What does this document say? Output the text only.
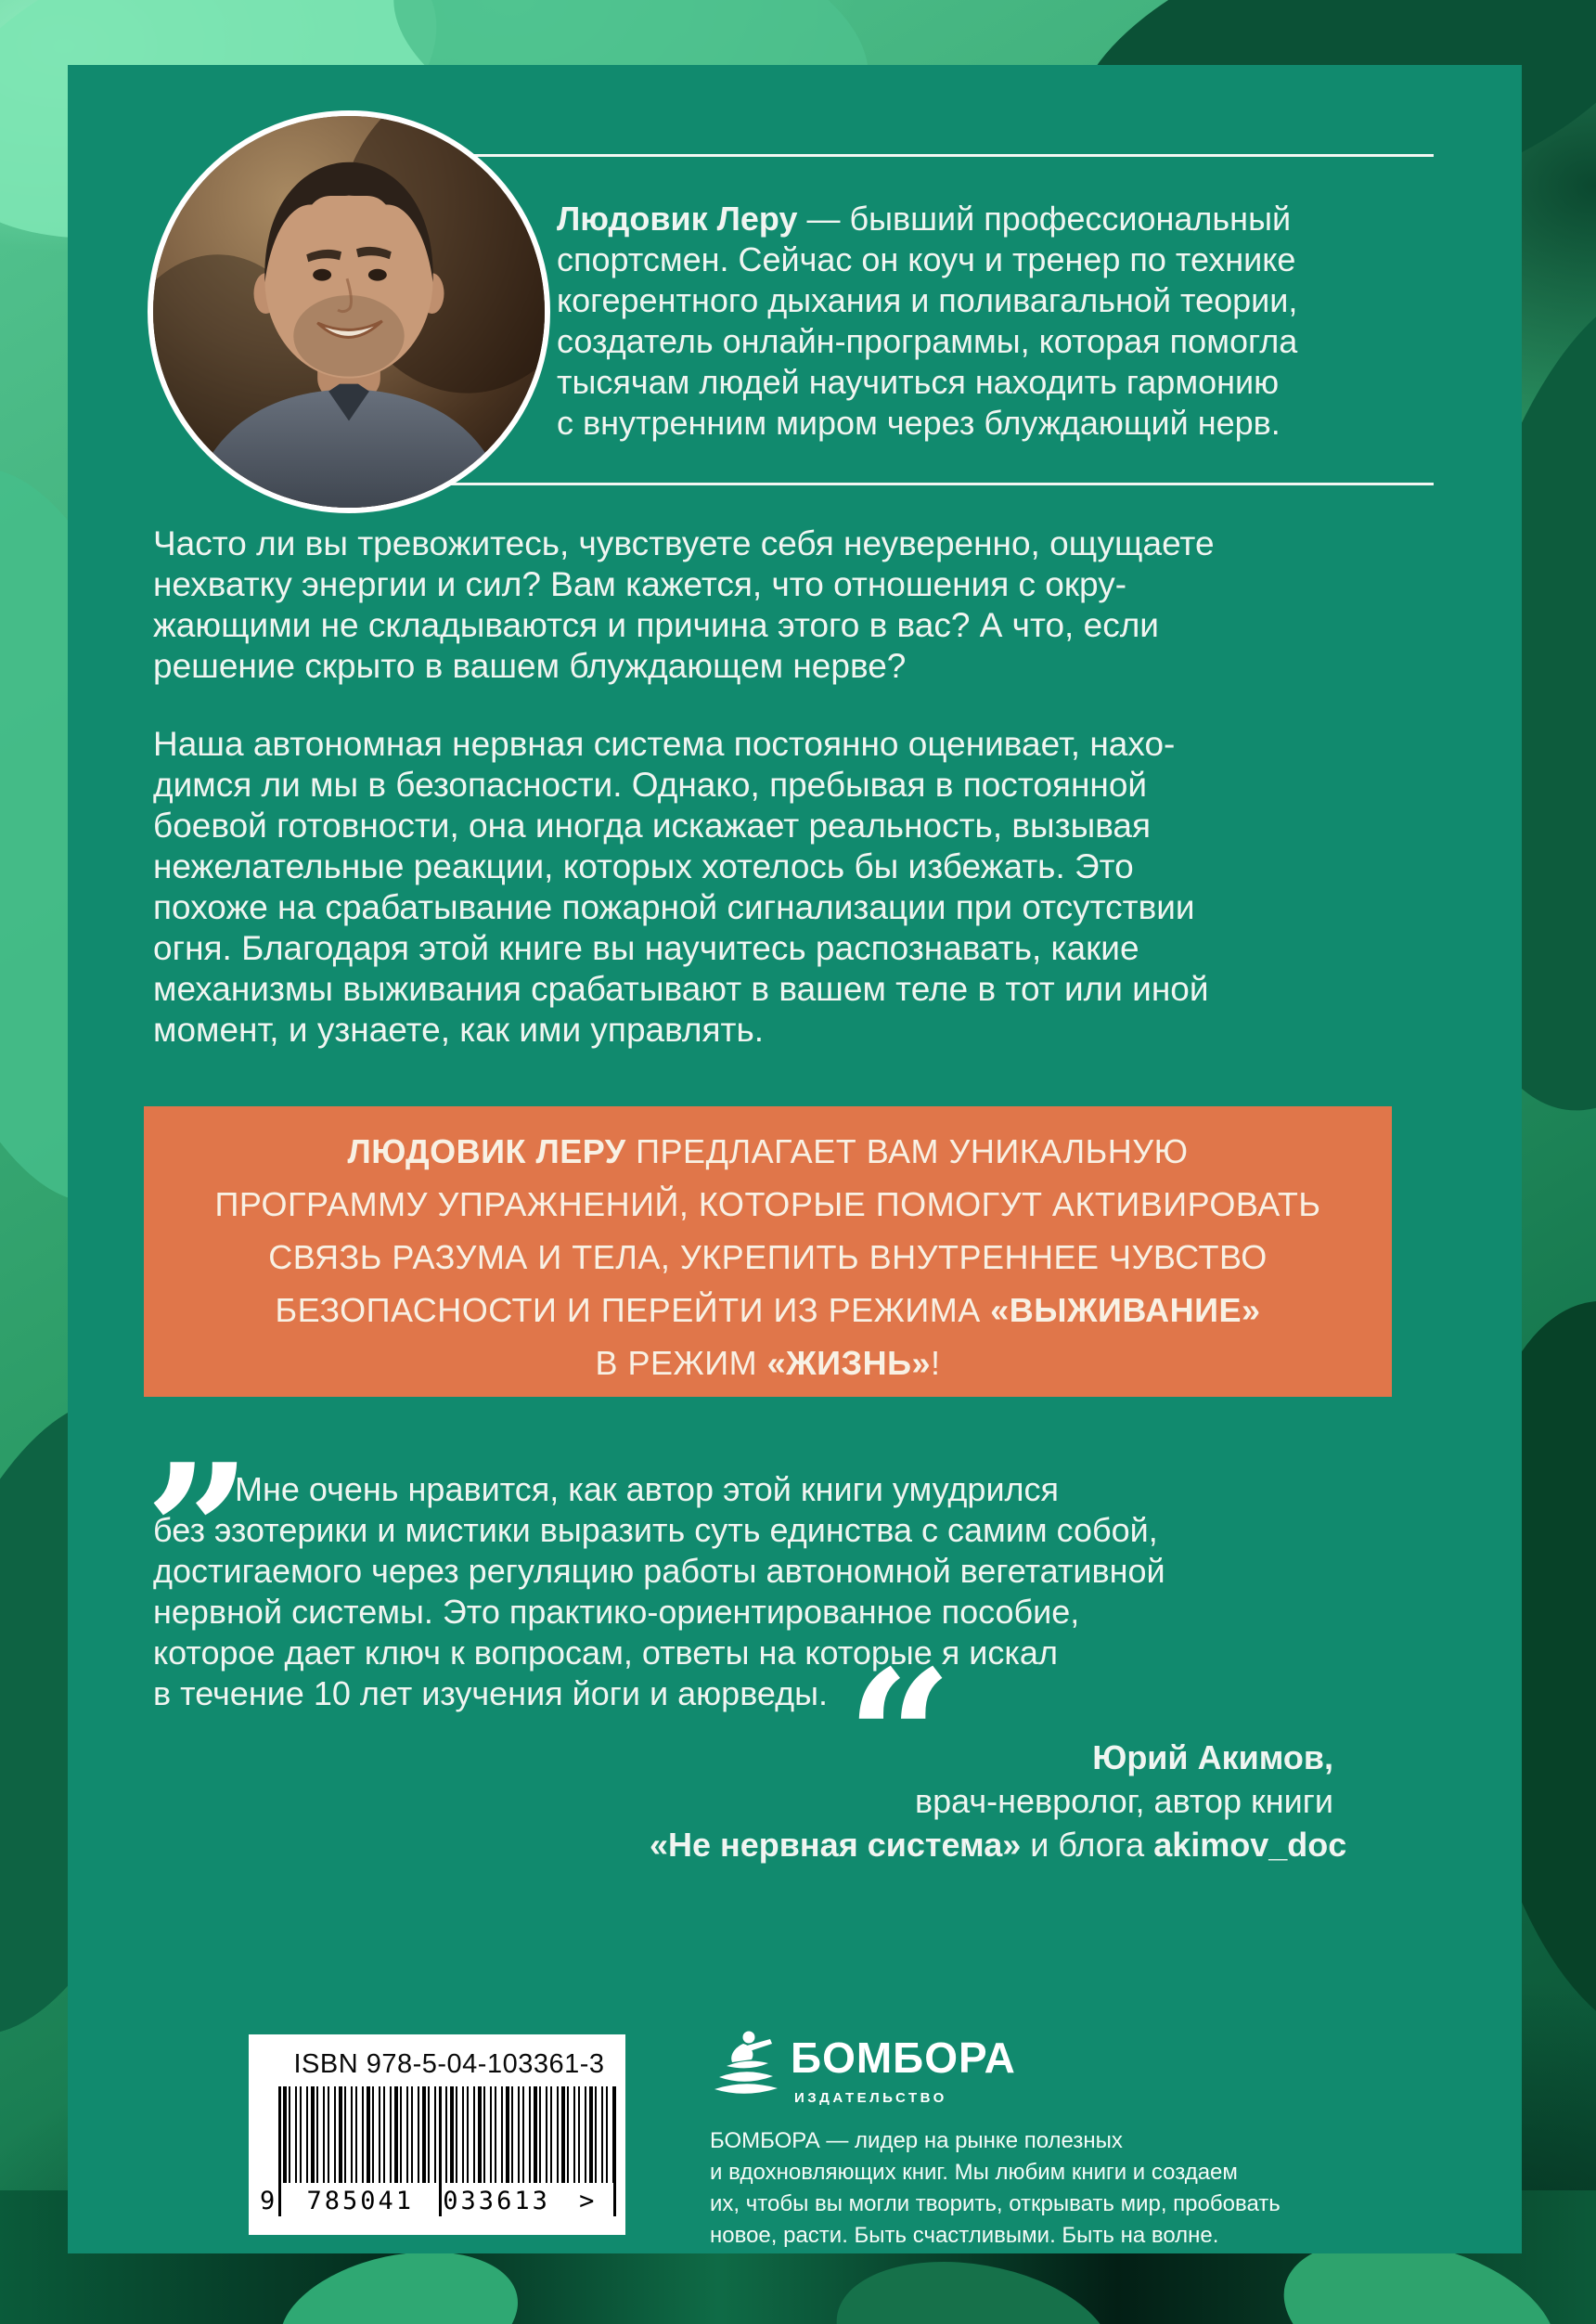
Людовик Леру — бывший профессиональный
спортсмен. Сейчас он коуч и тренер по технике
когерентного дыхания и поливагальной теории,
создатель онлайн-программы, которая помогла
тысячам людей научиться находить гармонию
с внутренним миром через блуждающий нерв.
Часто ли вы тревожитесь, чувствуете себя неуверенно, ощущаете
нехватку энергии и сил? Вам кажется, что отношения с окру-
жающими не складываются и причина этого в вас? А что, если
решение скрыто в вашем блуждающем нерве?
Наша автономная нервная система постоянно оценивает, нахо-
димся ли мы в безопасности. Однако, пребывая в постоянной
боевой готовности, она иногда искажает реальность, вызывая
нежелательные реакции, которых хотелось бы избежать. Это
похоже на срабатывание пожарной сигнализации при отсутствии
огня. Благодаря этой книге вы научитесь распознавать, какие
механизмы выживания срабатывают в вашем теле в тот или иной
момент, и узнаете, как ими управлять.
ЛЮДОВИК ЛЕРУ ПРЕДЛАГАЕТ ВАМ УНИКАЛЬНУЮ
ПРОГРАММУ УПРАЖНЕНИЙ, КОТОРЫЕ ПОМОГУТ АКТИВИРОВАТЬ
СВЯЗЬ РАЗУМА И ТЕЛА, УКРЕПИТЬ ВНУТРЕННЕЕ ЧУВСТВО
БЕЗОПАСНОСТИ И ПЕРЕЙТИ ИЗ РЕЖИМА «ВЫЖИВАНИЕ»
В РЕЖИМ «ЖИЗНЬ»!
”
Мне очень нравится, как автор этой книги умудрился
без эзотерики и мистики выразить суть единства с самим собой,
достигаемого через регуляцию работы автономной вегетативной
нервной системы. Это практико-ориентированное пособие,
которое дает ключ к вопросам, ответы на которые я искал
в течение 10 лет изучения йоги и аюрведы. “	Юрий Акимов,
врач-невролог, автор книги
«Не нервная система» и блога akimov_doc
ISBN 978-5-04-103361-3
9 785041 033613 >
БОМБОРА
ИЗДАТЕЛЬСТВО
БОМБОРА — лидер на рынке полезных
и вдохновляющих книг. Мы любим книги и создаем
их, чтобы вы могли творить, открывать мир, пробовать
новое, расти. Быть счастливыми. Быть на волне.
